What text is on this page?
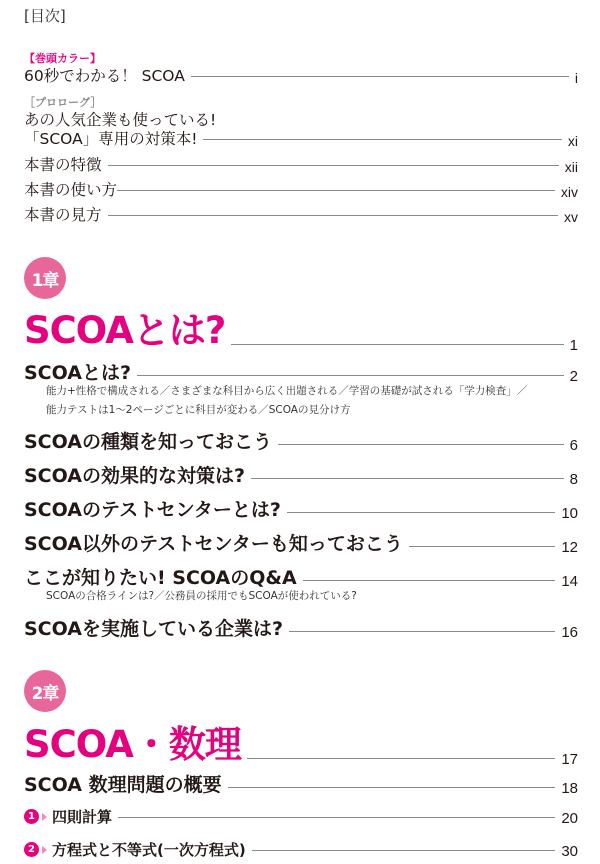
[目次]
【巻頭カラー】
60秒でわかる！ SCOA	i
［プロローグ］
あの人気企業も使っている!
「SCOA」専用の対策本!	xi
本書の特徴	xii
本書の使い方	xiv
本書の見方	xv
1章
SCOAとは?	1
SCOAとは?	2
能力+性格で構成される／さまざまな科目から広く出題される／学習の基礎が試される「学力検査」／
能力テストは1～2ページごとに科目が変わる／SCOAの見分け方
SCOAの種類を知っておこう	6
SCOAの効果的な対策は?	8
SCOAのテストセンターとは?	10
SCOA以外のテストセンターも知っておこう	12
ここが知りたい! SCOAのQ&A	14
SCOAの合格ラインは?／公務員の採用でもSCOAが使われている?
SCOAを実施している企業は?	16
2章
SCOA・数理	17
SCOA 数理問題の概要	18
1 四則計算	20
2 方程式と不等式(一次方程式)	30
